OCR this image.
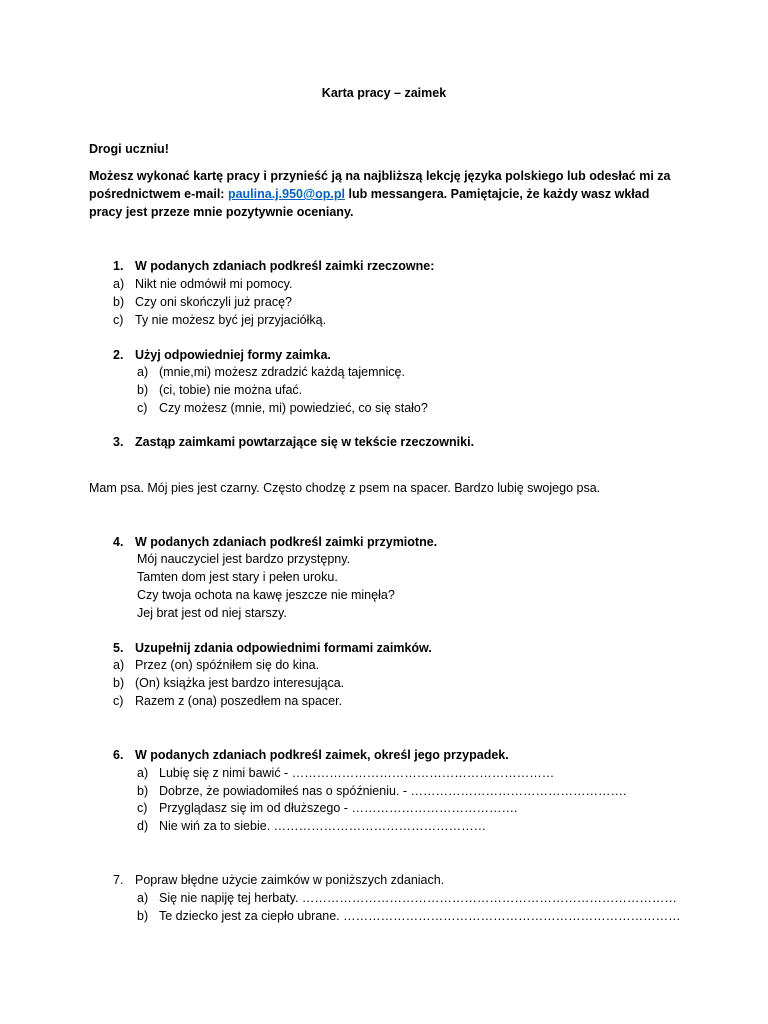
Karta pracy – zaimek
Drogi uczniu!
Możesz wykonać kartę pracy i przynieść ją na najbliższą lekcję języka polskiego lub odesłać mi za
pośrednictwem e-mail: paulina.j.950@op.pl lub messangera. Pamiętajcie, że każdy wasz wkład
pracy jest przeze mnie pozytywnie oceniany.
1. W podanych zdaniach podkreśl zaimki rzeczowne:
a) Nikt nie odmówił mi pomocy.
b) Czy oni skończyli już pracę?
c) Ty nie możesz być jej przyjaciółką.
2. Użyj odpowiedniej formy zaimka.
a) (mnie,mi) możesz zdradzić każdą tajemnicę.
b) (ci, tobie) nie można ufać.
c) Czy możesz (mnie, mi) powiedzieć, co się stało?
3. Zastąp zaimkami powtarzające się w tekście rzeczowniki.
Mam psa. Mój pies jest czarny. Często chodzę z psem na spacer. Bardzo lubię swojego psa.
4. W podanych zdaniach podkreśl zaimki przymiotne.
Mój nauczyciel jest bardzo przystępny.
Tamten dom jest stary i pełen uroku.
Czy twoja ochota na kawę jeszcze nie minęła?
Jej brat jest od niej starszy.
5. Uzupełnij zdania odpowiednimi formami zaimków.
a) Przez (on) spóźniłem się do kina.
b) (On) książka jest bardzo interesująca.
c) Razem z (ona) poszedłem na spacer.
6. W podanych zdaniach podkreśl zaimek, określ jego przypadek.
a) Lubię się z nimi bawić - ………………………………………………………
b) Dobrze, że powiadomiłeś nas o spóźnieniu. - …………………………………………….
c) Przyglądasz się im od dłuższego - ………………………………….
d) Nie wiń za to siebie. ……………………………………………
7. Popraw błędne użycie zaimków w poniższych zdaniach.
a) Się nie napiję tej herbaty. ………………………………………………………………………………
b) Te dziecko jest za ciepło ubrane. ………………………………………………………………………
